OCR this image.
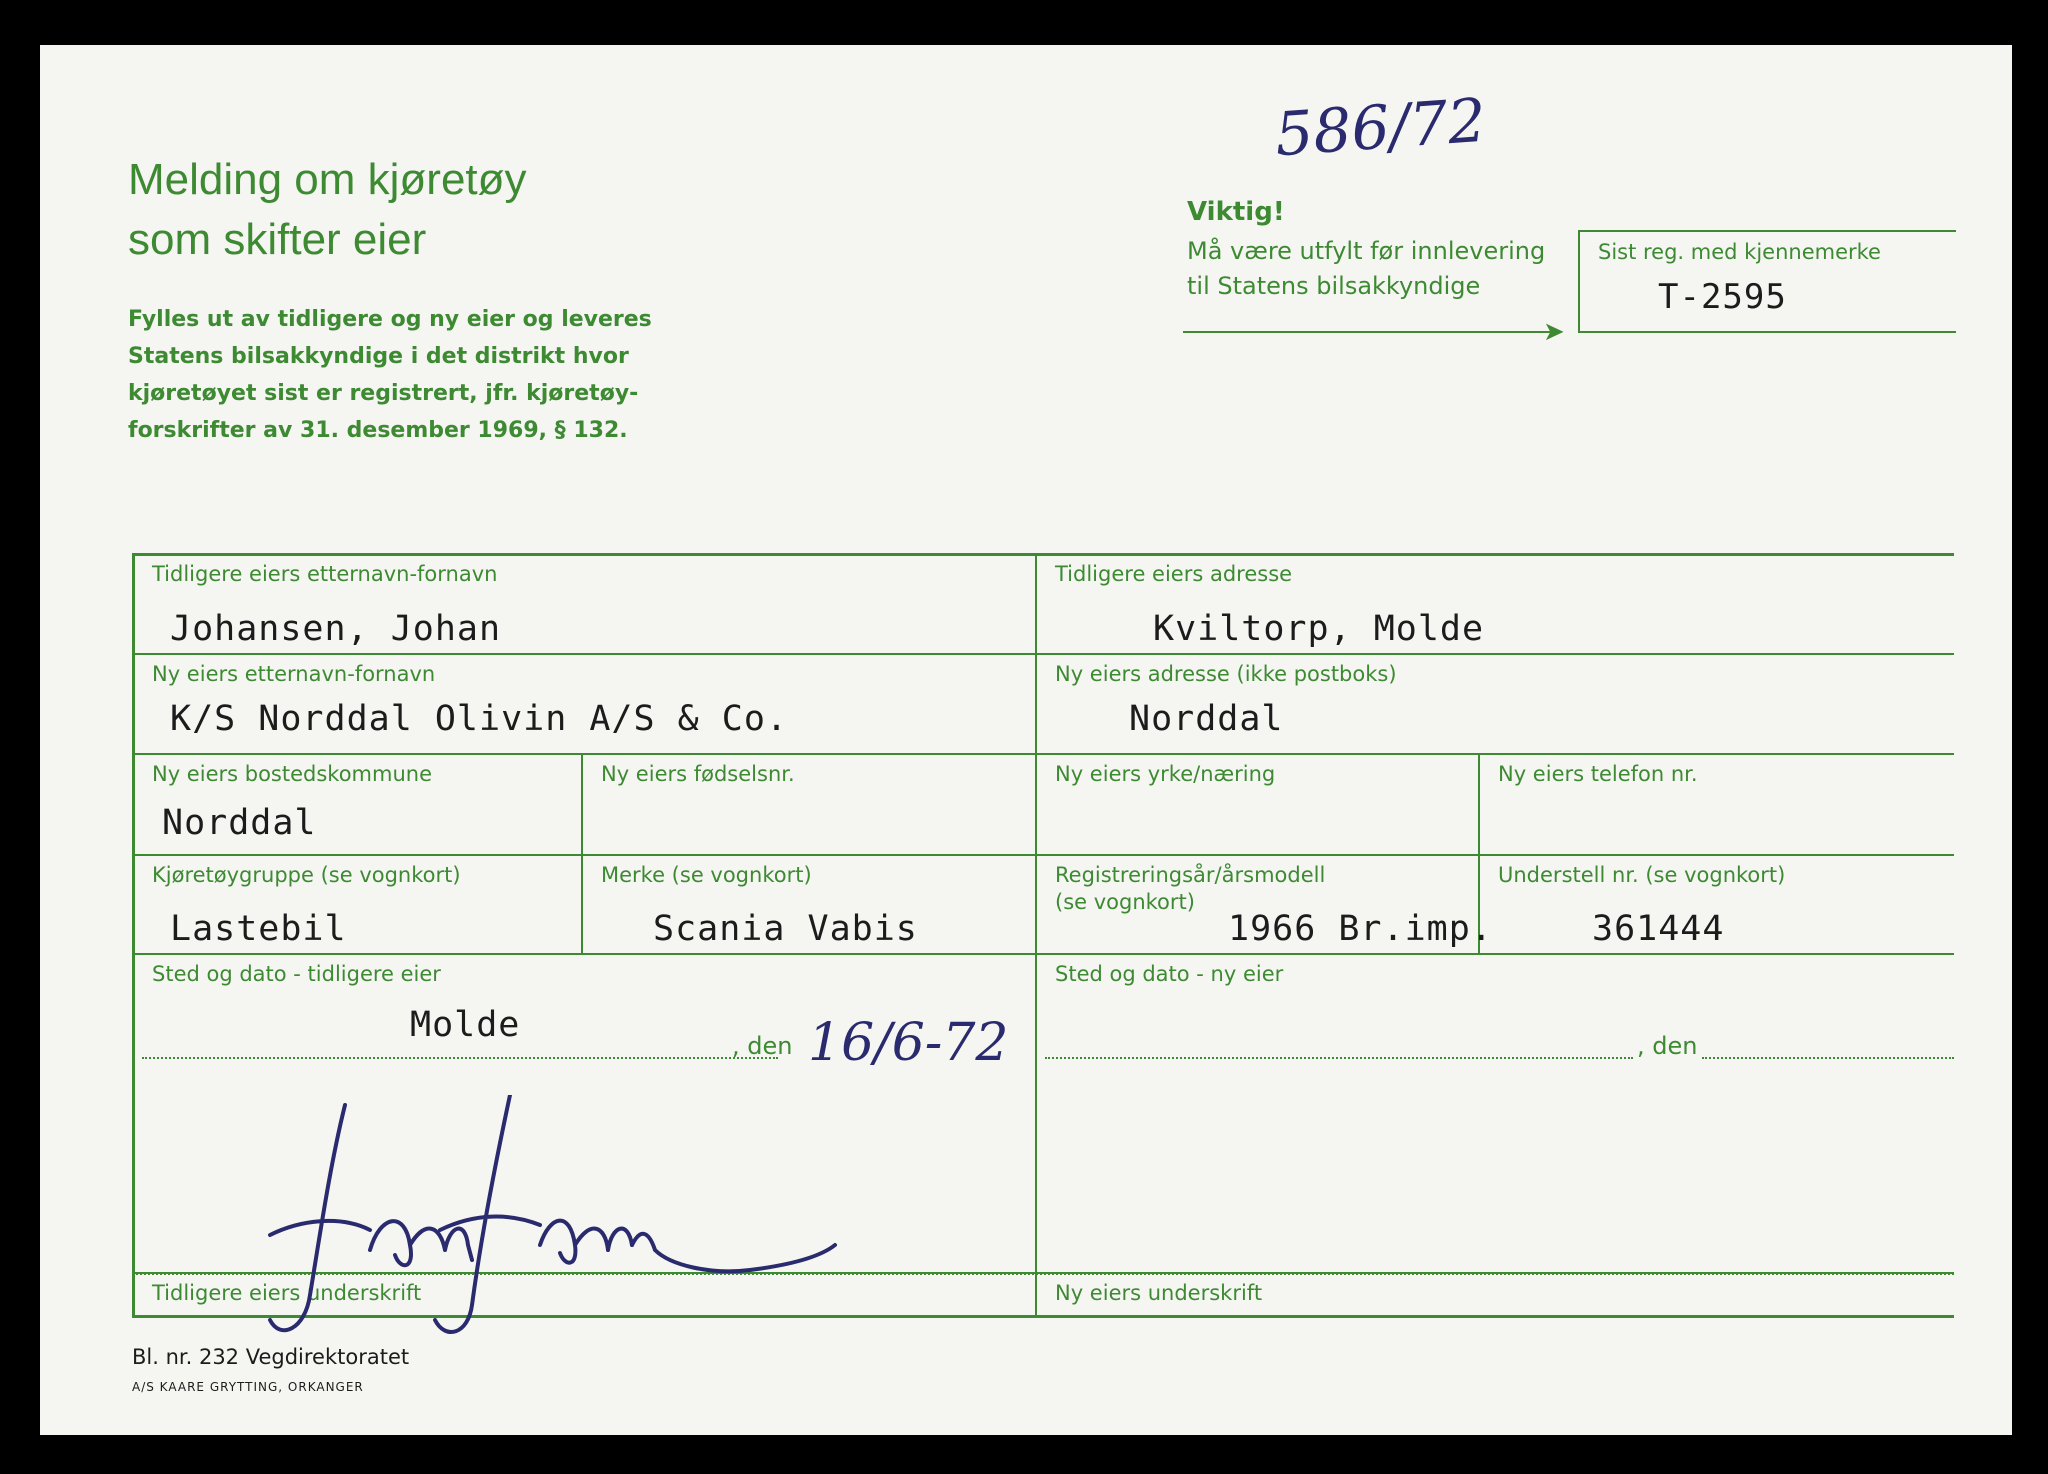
586/72
Melding om kjøretøy
som skifter eier
Fylles ut av tidligere og ny eier og leveres
Statens bilsakkyndige i det distrikt hvor
kjøretøyet sist er registrert, jfr. kjøretøy-
forskrifter av 31. desember 1969, § 132.
Viktig!
Må være utfylt før innlevering
til Statens bilsakkyndige
➤
Sist reg. med kjennemerke
T-2595
Tidligere eiers etternavn-fornavn
Johansen, Johan
Tidligere eiers adresse
Kviltorp, Molde
Ny eiers etternavn-fornavn
K/S Norddal Olivin A/S & Co.
Ny eiers adresse (ikke postboks)
Norddal
Ny eiers bostedskommune
Norddal
Ny eiers fødselsnr.	Ny eiers yrke/næring	Ny eiers telefon nr.
Kjøretøygruppe (se vognkort)
Lastebil
Merke (se vognkort)
Scania Vabis
Registreringsår/årsmodell
(se vognkort)
1966 Br.imp.
Understell nr. (se vognkort)
361444
Sted og dato - tidligere eier
Molde
, den 16/6-72
Sted og dato - ny eier
, den
Tidligere eiers underskrift	Ny eiers underskrift
Bl. nr. 232 Vegdirektoratet
A/S KAARE GRYTTING, ORKANGER
